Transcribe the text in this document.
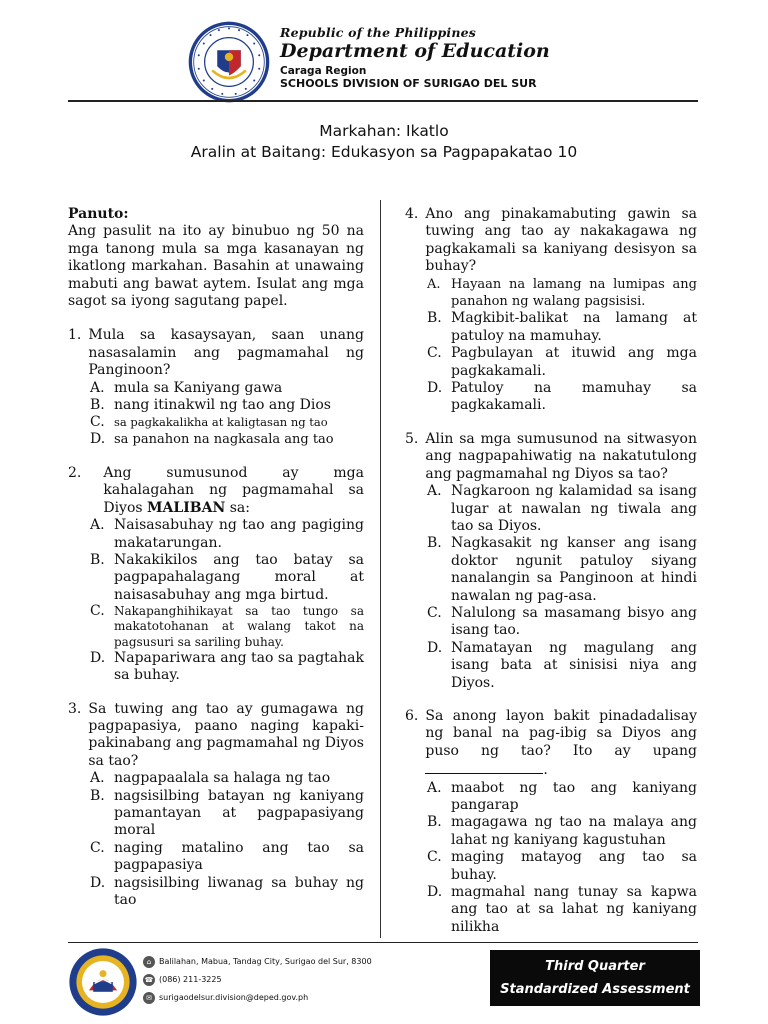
Republic of the Philippines
Department of Education
Caraga Region
SCHOOLS DIVISION OF SURIGAO DEL SUR
Markahan: Ikatlo
Aralin at Baitang: Edukasyon sa Pagpapakatao 10
Panuto:
Ang pasulit na ito ay binubuo ng 50 na mga tanong mula sa mga kasanayan ng ikatlong markahan. Basahin at unawaing mabuti ang bawat aytem. Isulat ang mga sagot sa iyong sagutang papel.
1. Mula sa kasaysayan, saan unang nasasalamin ang pagmamahal ng Panginoon?
A. mula sa Kaniyang gawa
B. nang itinakwil ng tao ang Dios
C. sa pagkakalikha at kaligtasan ng tao
D. sa panahon na nagkasala ang tao
2.	Ang sumusunod ay mga kahalagahan ng pagmamahal sa Diyos MALIBAN sa:
A. Naisasabuhay ng tao ang pagiging makatarungan.
B. Nakakikilos ang tao batay sa pagpapahalagang moral at naisasabuhay ang mga birtud.
C. Nakapanghihikayat sa tao tungo sa makatotohanan at walang takot na pagsusuri sa sariling buhay.
D. Napapariwara ang tao sa pagtahak sa buhay.
3. Sa tuwing ang tao ay gumagawa ng pagpapasiya, paano naging kapaki-pakinabang ang pagmamahal ng Diyos sa tao?
A. nagpapaalala sa halaga ng tao
B. nagsisilbing batayan ng kaniyang pamantayan at pagpapasiyang moral
C. naging matalino ang tao sa pagpapasiya
D. nagsisilbing liwanag sa buhay ng tao
4. Ano ang pinakamabuting gawin sa tuwing ang tao ay nakakagawa ng pagkakamali sa kaniyang desisyon sa buhay?
A. Hayaan na lamang na lumipas ang panahon ng walang pagsisisi.
B. Magkibit-balikat na lamang at patuloy na mamuhay.
C. Pagbulayan at ituwid ang mga pagkakamali.
D. Patuloy na mamuhay sa pagkakamali.
5. Alin sa mga sumusunod na sitwasyon ang nagpapahiwatig na nakatutulong ang pagmamahal ng Diyos sa tao?
A. Nagkaroon ng kalamidad sa isang lugar at nawalan ng tiwala ang tao sa Diyos.
B. Nagkasakit ng kanser ang isang doktor ngunit patuloy siyang nanalangin sa Panginoon at hindi nawalan ng pag-asa.
C. Nalulong sa masamang bisyo ang isang tao.
D. Namatayan ng magulang ang isang bata at sinisisi niya ang Diyos.
6. Sa anong layon bakit pinadadalisay ng banal na pag-ibig sa Diyos ang puso ng tao? Ito ay upang .
A. maabot ng tao ang kaniyang pangarap
B. magagawa ng tao na malaya ang lahat ng kaniyang kagustuhan
C. maging matayog ang tao sa buhay.
D. magmahal nang tunay sa kapwa ang tao at sa lahat ng kaniyang nilikha
⌂ Balilahan, Mabua, Tandag City, Surigao del Sur, 8300
☎ (086) 211-3225
✉ surigaodelsur.division@deped.gov.ph
Third Quarter
Standardized Assessment
